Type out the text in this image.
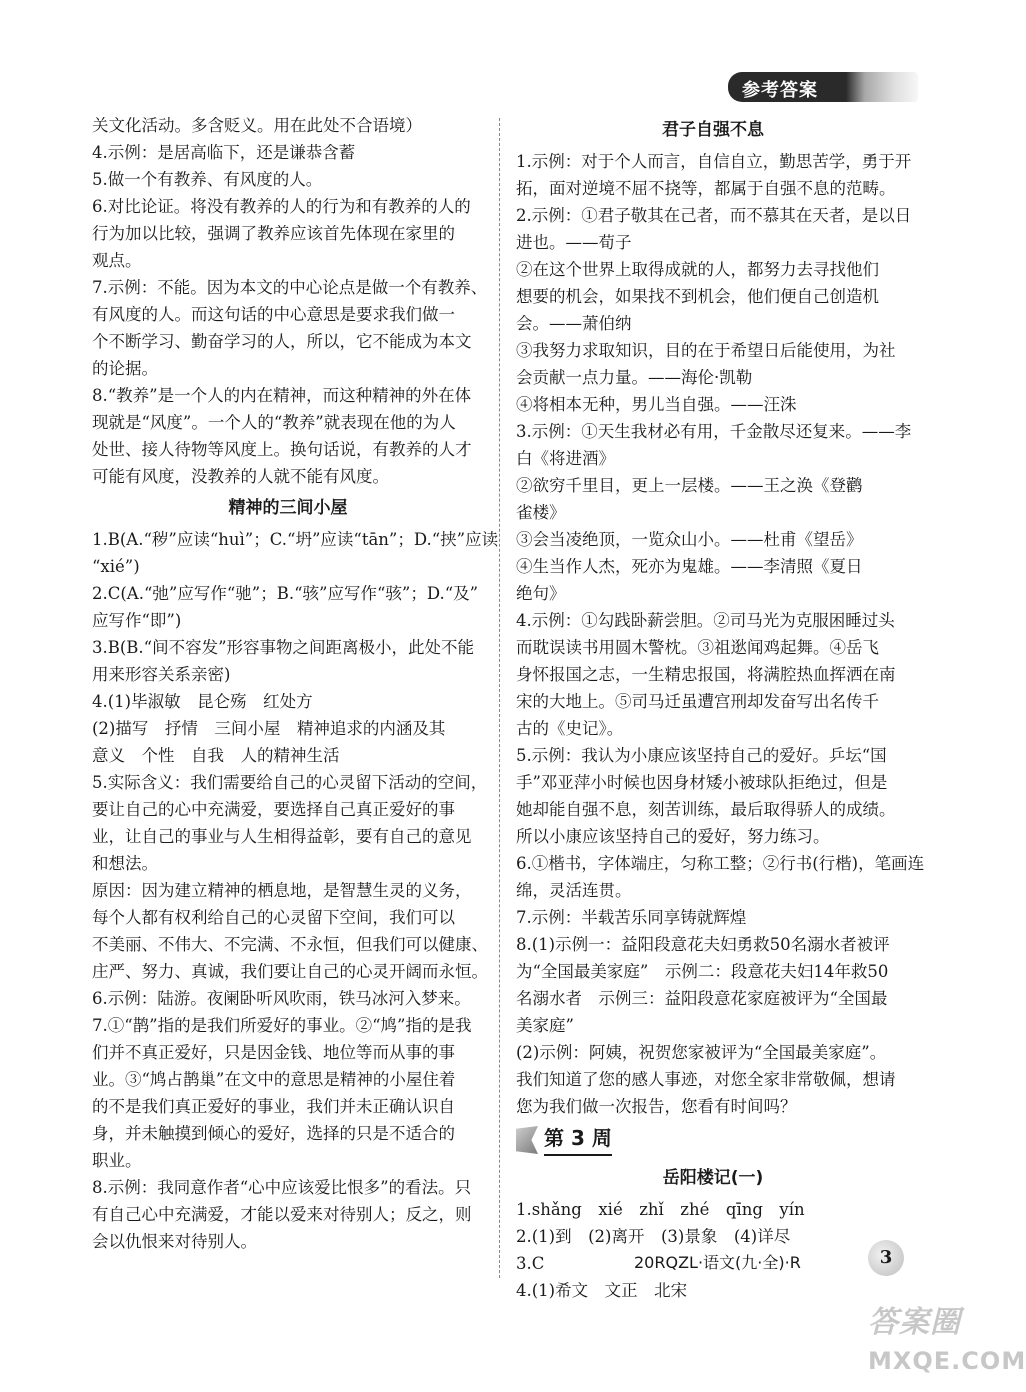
参考答案
关文化活动。多含贬义。用在此处不合语境）
4.示例：是居高临下，还是谦恭含蓄
5.做一个有教养、有风度的人。
6.对比论证。将没有教养的人的行为和有教养的人的
行为加以比较，强调了教养应该首先体现在家里的
观点。
7.示例：不能。因为本文的中心论点是做一个有教养、
有风度的人。而这句话的中心意思是要求我们做一
个不断学习、勤奋学习的人，所以，它不能成为本文
的论据。
8.“教养”是一个人的内在精神，而这种精神的外在体
现就是“风度”。一个人的“教养”就表现在他的为人
处世、接人待物等风度上。换句话说，有教养的人才
可能有风度，没教养的人就不能有风度。
精神的三间小屋
1.B(A.“秽”应读“huì”；C.“坍”应读“tān”；D.“挟”应读
“xié”)
2.C(A.“弛”应写作“驰”；B.“骇”应写作“骇”；D.“及”
应写作“即”)
3.B(B.“间不容发”形容事物之间距离极小，此处不能
用来形容关系亲密)
4.(1)毕淑敏　昆仑殇　红处方
(2)描写　抒情　三间小屋　精神追求的内涵及其
意义　个性　自我　人的精神生活
5.实际含义：我们需要给自己的心灵留下活动的空间，
要让自己的心中充满爱，要选择自己真正爱好的事
业，让自己的事业与人生相得益彰，要有自己的意见
和想法。
原因：因为建立精神的栖息地，是智慧生灵的义务，
每个人都有权利给自己的心灵留下空间，我们可以
不美丽、不伟大、不完满、不永恒，但我们可以健康、
庄严、努力、真诚，我们要让自己的心灵开阔而永恒。
6.示例：陆游。夜阑卧听风吹雨，铁马冰河入梦来。
7.①“鹊”指的是我们所爱好的事业。②“鸠”指的是我
们并不真正爱好，只是因金钱、地位等而从事的事
业。③“鸠占鹊巢”在文中的意思是精神的小屋住着
的不是我们真正爱好的事业，我们并未正确认识自
身，并未触摸到倾心的爱好，选择的只是不适合的
职业。
8.示例：我同意作者“心中应该爱比恨多”的看法。只
有自己心中充满爱，才能以爱来对待别人；反之，则
会以仇恨来对待别人。
君子自强不息
1.示例：对于个人而言，自信自立，勤思苦学，勇于开
拓，面对逆境不屈不挠等，都属于自强不息的范畴。
2.示例：①君子敬其在己者，而不慕其在天者，是以日
进也。——荀子
②在这个世界上取得成就的人，都努力去寻找他们
想要的机会，如果找不到机会，他们便自己创造机
会。——萧伯纳
③我努力求取知识，目的在于希望日后能使用，为社
会贡献一点力量。——海伦·凯勒
④将相本无种，男儿当自强。——汪洙
3.示例：①天生我材必有用，千金散尽还复来。——李
白《将进酒》
②欲穷千里目，更上一层楼。——王之涣《登鹳
雀楼》
③会当凌绝顶，一览众山小。——杜甫《望岳》
④生当作人杰，死亦为鬼雄。——李清照《夏日
绝句》
4.示例：①勾践卧薪尝胆。②司马光为克服困睡过头
而耽误读书用圆木警枕。③祖逖闻鸡起舞。④岳飞
身怀报国之志，一生精忠报国，将满腔热血挥洒在南
宋的大地上。⑤司马迁虽遭宫刑却发奋写出名传千
古的《史记》。
5.示例：我认为小康应该坚持自己的爱好。乒坛“国
手”邓亚萍小时候也因身材矮小被球队拒绝过，但是
她却能自强不息，刻苦训练，最后取得骄人的成绩。
所以小康应该坚持自己的爱好，努力练习。
6.①楷书，字体端庄，匀称工整；②行书(行楷)，笔画连
绵，灵活连贯。
7.示例：半载苦乐同享铸就辉煌
8.(1)示例一：益阳段意花夫妇勇救50名溺水者被评
为“全国最美家庭”　示例二：段意花夫妇14年救50
名溺水者　示例三：益阳段意花家庭被评为“全国最
美家庭”
(2)示例：阿姨，祝贺您家被评为“全国最美家庭”。
我们知道了您的感人事迹，对您全家非常敬佩，想请
您为我们做一次报告，您看有时间吗？
第 3 周
岳阳楼记(一)
1.shǎng　xié　zhǐ　zhé　qīng　yín
2.(1)到　(2)离开　(3)景象　(4)详尽
3.C
4.(1)希文　文正　北宋
20RQZL·语文(九·全)·R	3
答案圈
MXQE.COM
